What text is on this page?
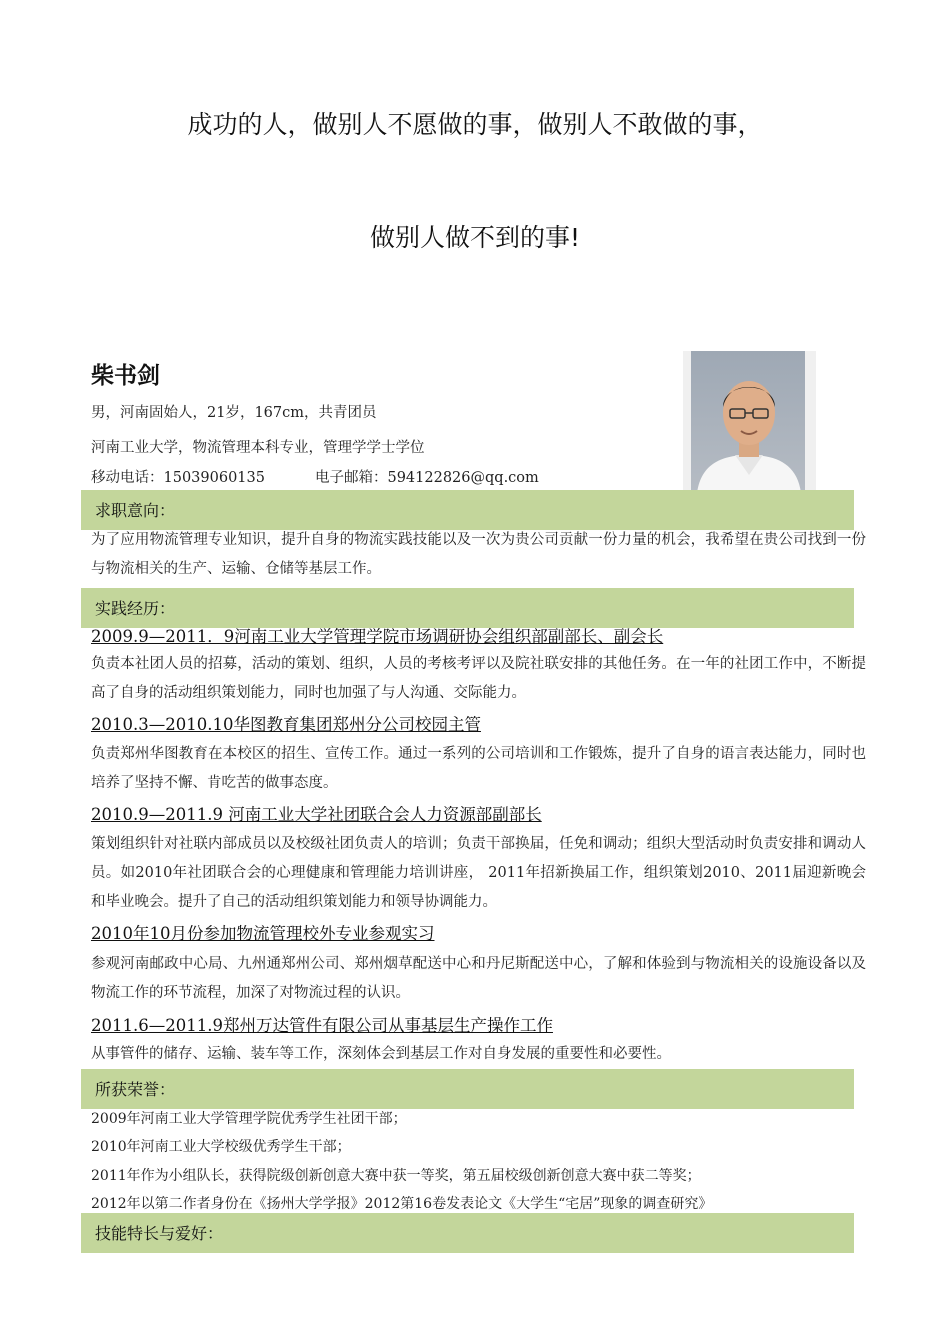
成功的人，做别人不愿做的事，做别人不敢做的事，
做别人做不到的事!
柴书剑
男，河南固始人，21岁，167cm，共青团员
河南工业大学，物流管理本科专业，管理学学士学位
移动电话：15039060135	电子邮箱：594122826@qq.com
求职意向：
为了应用物流管理专业知识，提升自身的物流实践技能以及一次为贵公司贡献一份力量的机会，我希望在贵公司找到一份与物流相关的生产、运输、仓储等基层工作。
实践经历：
2009.9—2011．9河南工业大学管理学院市场调研协会组织部副部长、副会长
负责本社团人员的招募，活动的策划、组织，人员的考核考评以及院社联安排的其他任务。在一年的社团工作中，不断提高了自身的活动组织策划能力，同时也加强了与人沟通、交际能力。
2010.3—2010.10华图教育集团郑州分公司校园主管
负责郑州华图教育在本校区的招生、宣传工作。通过一系列的公司培训和工作锻炼，提升了自身的语言表达能力，同时也培养了坚持不懈、肯吃苦的做事态度。
2010.9—2011.9 河南工业大学社团联合会人力资源部副部长
策划组织针对社联内部成员以及校级社团负责人的培训；负责干部换届，任免和调动；组织大型活动时负责安排和调动人员。如2010年社团联合会的心理健康和管理能力培训讲座， 2011年招新换届工作，组织策划2010、2011届迎新晚会和毕业晚会。提升了自己的活动组织策划能力和领导协调能力。
2010年10月份参加物流管理校外专业参观实习
参观河南邮政中心局、九州通郑州公司、郑州烟草配送中心和丹尼斯配送中心，了解和体验到与物流相关的设施设备以及物流工作的环节流程，加深了对物流过程的认识。
2011.6—2011.9郑州万达管件有限公司从事基层生产操作工作
从事管件的储存、运输、装车等工作，深刻体会到基层工作对自身发展的重要性和必要性。
所获荣誉：
2009年河南工业大学管理学院优秀学生社团干部；
2010年河南工业大学校级优秀学生干部；
2011年作为小组队长，获得院级创新创意大赛中获一等奖，第五届校级创新创意大赛中获二等奖；
2012年以第二作者身份在《扬州大学学报》2012第16卷发表论文《大学生“宅居”现象的调查研究》
技能特长与爱好：
